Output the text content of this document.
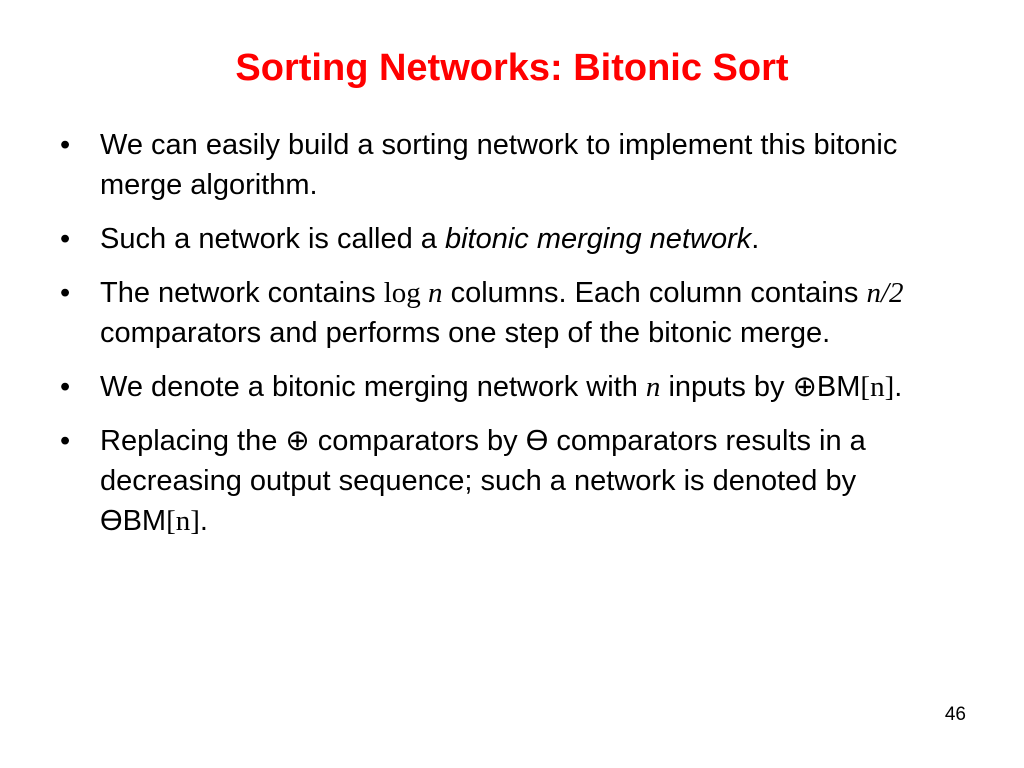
Sorting Networks: Bitonic Sort
• We can easily build a sorting network to implement this bitonic merge algorithm.
• Such a network is called a bitonic merging network.
• The network contains log n columns. Each column contains n/2 comparators and performs one step of the bitonic merge.
• We denote a bitonic merging network with n inputs by ⊕BM[n].
• Replacing the ⊕ comparators by Ө comparators results in a decreasing output sequence; such a network is denoted by ӨBM[n].
46
